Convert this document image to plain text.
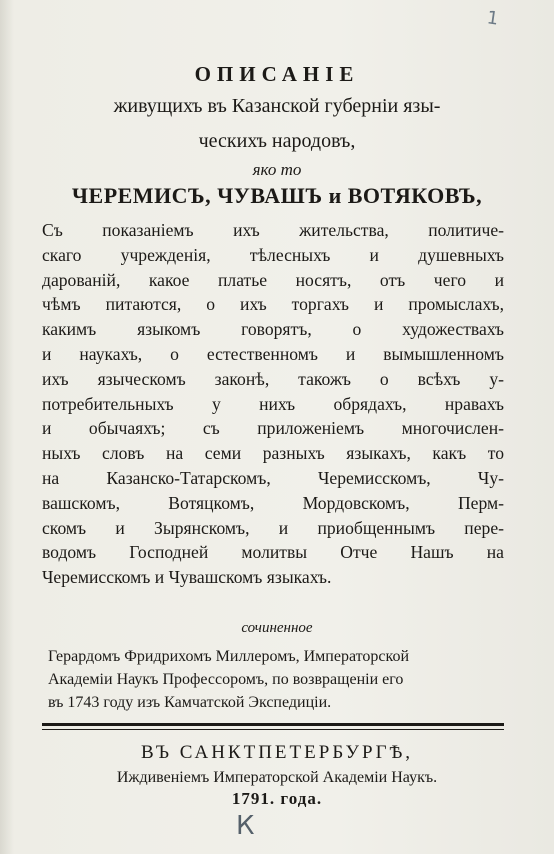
1
ОПИСАНІЕ
живущихъ въ Казанской губерніи язы-
ческихъ народовъ,
яко то
ЧЕРЕМИСЪ, ЧУВАШЪ и ВОТЯКОВЪ,
Съ показаніемъ ихъ жительства, политиче-
скаго учрежденія, тѣлесныхъ и душевныхъ
дарованій, какое платье носятъ, отъ чего и
чѣмъ питаются, о ихъ торгахъ и промыслахъ,
какимъ языкомъ говорятъ, о художествахъ
и наукахъ, о естественномъ и вымышленномъ
ихъ языческомъ законѣ, такожъ о всѣхъ у-
потребительныхъ у нихъ обрядахъ, нравахъ
и обычаяхъ; съ приложеніемъ многочислен-
ныхъ словъ на семи разныхъ языкахъ, какъ то
на Казанско-Татарскомъ, Черемисскомъ, Чу-
вашскомъ, Вотяцкомъ, Мордовскомъ, Перм-
скомъ и Зырянскомъ, и приобщеннымъ пере-
водомъ Господней молитвы Отче Нашъ на
Черемисскомъ и Чувашскомъ языкахъ.
сочиненное
Герардомъ Фридрихомъ Миллеромъ, Императорской
Академіи Наукъ Профессоромъ, по возвращеніи его
въ 1743 году изъ Камчатской Экспедиціи.
ВЪ САНКТПЕТЕРБУРГѢ,
Иждивеніемъ Императорской Академіи Наукъ.
1791. года.
К
